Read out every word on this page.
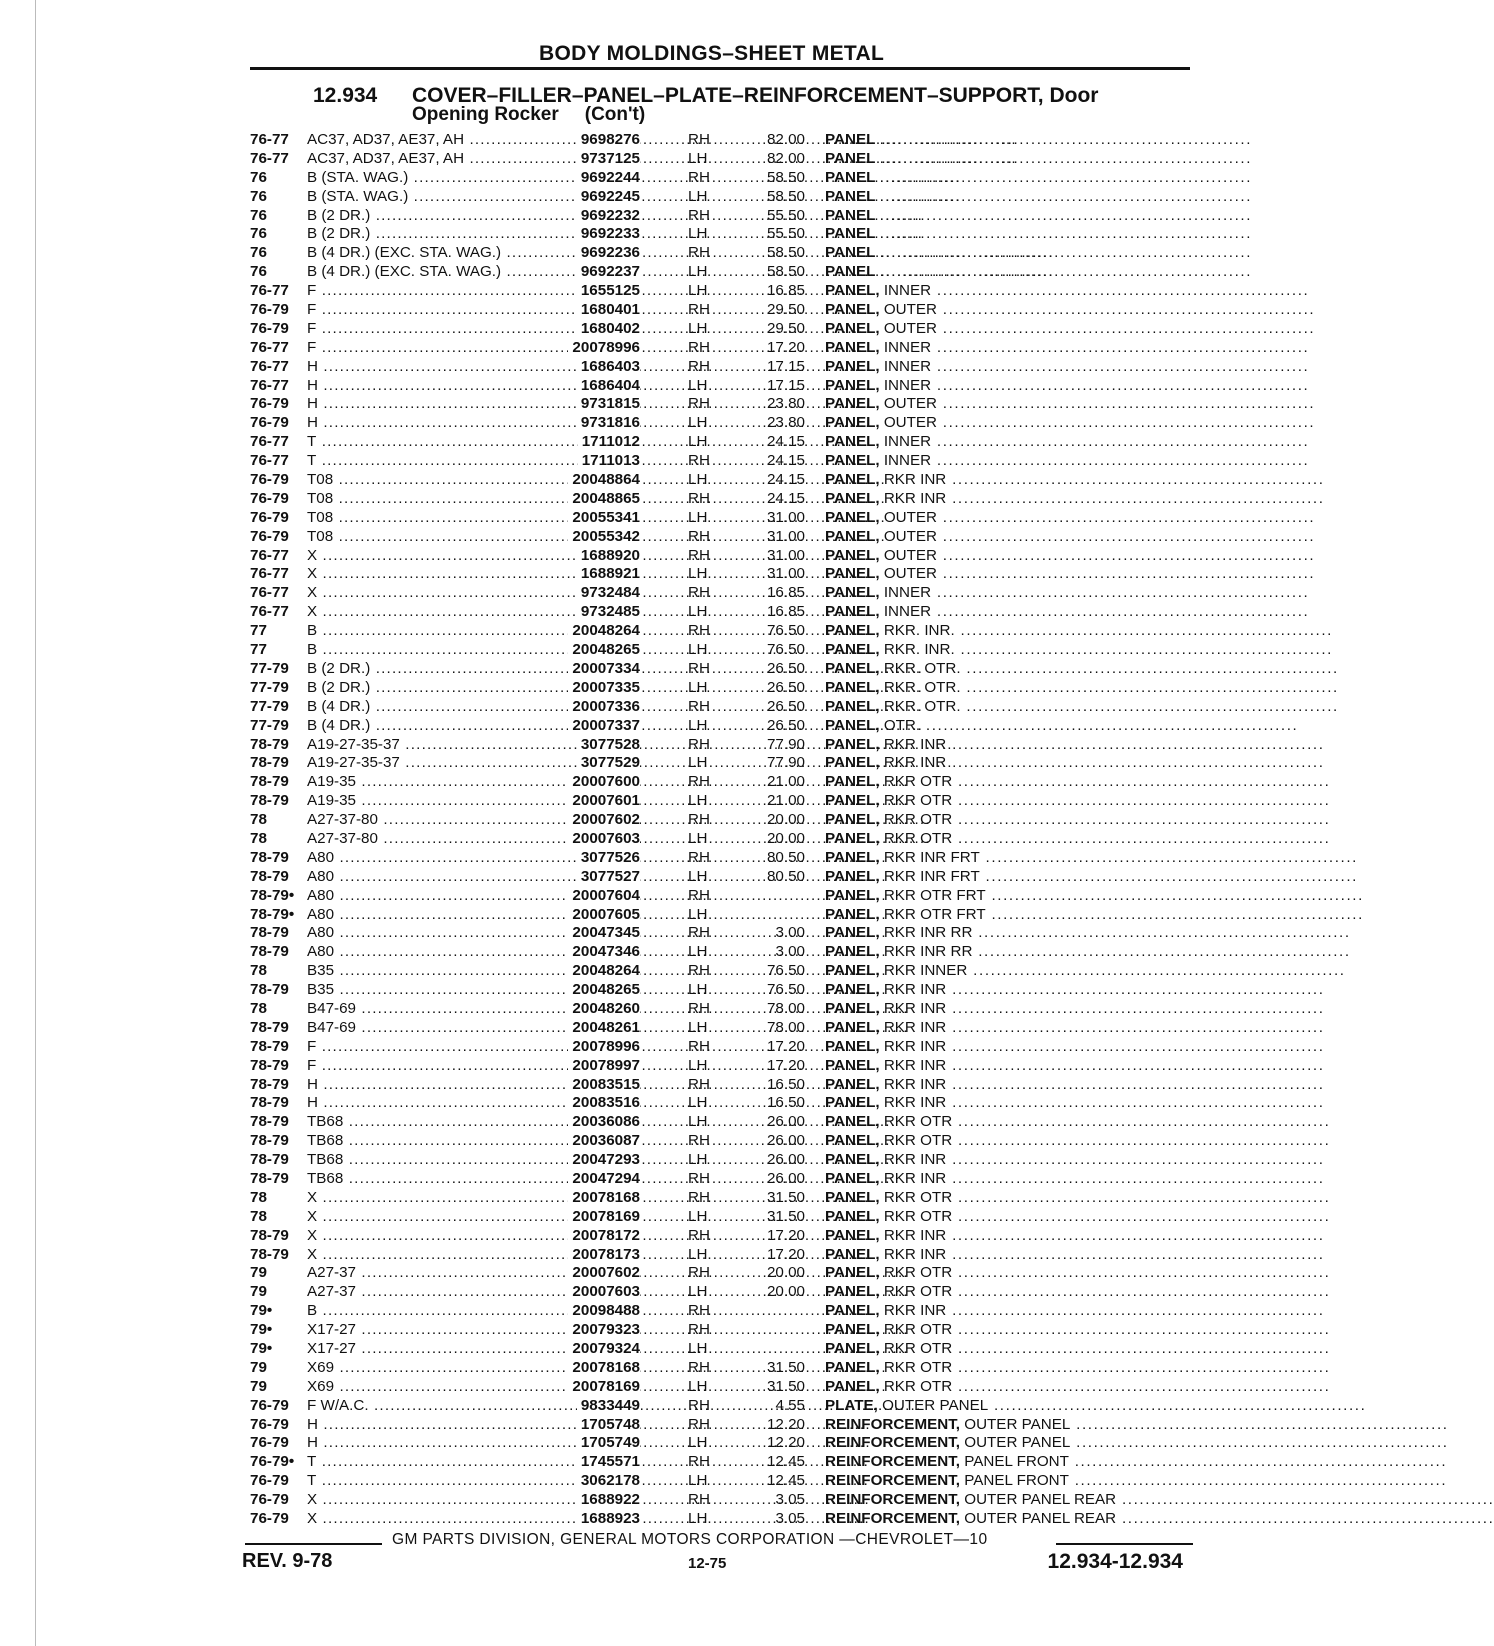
BODY MOLDINGS–SHEET METAL
12.934 COVER–FILLER–PANEL–PLATE–REINFORCEMENT–SUPPORT, Door
Opening Rocker (Con't)
76-77 AC37, AD37, AE37, AH .....	9698276	RH	82.00 PANEL ................................................................
76-77 AC37, AD37, AE37, AH .....	9737125	LH	82.00 PANEL ................................................................
76	B (STA. WAG.) .....	9692244	RH	58.50 PANEL ................................................................
76	B (STA. WAG.) .....	9692245	LH	58.50 PANEL ................................................................
76	B (2 DR.) .....	9692232	RH	55.50 PANEL ................................................................
76	B (2 DR.) .....	9692233	LH	55.50 PANEL ................................................................
76	B (4 DR.) (EXC. STA. WAG.) .....	9692236	RH	58.50 PANEL ................................................................
76	B (4 DR.) (EXC. STA. WAG.) .....	9692237	LH	58.50 PANEL ................................................................
76-77 F .....	1655125	LH	16.85 PANEL, INNER ................................................................
76-79 F .....	1680401	RH	29.50 PANEL, OUTER ................................................................
76-79 F .....	1680402	LH	29.50 PANEL, OUTER ................................................................
76-77 F .....	20078996	RH	17.20 PANEL, INNER ................................................................
76-77 H .....	1686403	RH	17.15 PANEL, INNER ................................................................
76-77 H .....	1686404	LH	17.15 PANEL, INNER ................................................................
76-79 H .....	9731815	RH	23.80 PANEL, OUTER ................................................................
76-79 H .....	9731816	LH	23.80 PANEL, OUTER ................................................................
76-77 T .....	1711012	LH	24.15 PANEL, INNER ................................................................
76-77 T .....	1711013	RH	24.15 PANEL, INNER ................................................................
76-79 T08 .....	20048864	LH	24.15 PANEL, RKR INR ................................................................
76-79 T08 .....	20048865	RH	24.15 PANEL, RKR INR ................................................................
76-79 T08 .....	20055341	LH	31.00 PANEL, OUTER ................................................................
76-79 T08 .....	20055342	RH	31.00 PANEL, OUTER ................................................................
76-77 X .....	1688920	RH	31.00 PANEL, OUTER ................................................................
76-77 X .....	1688921	LH	31.00 PANEL, OUTER ................................................................
76-77 X .....	9732484	RH	16.85 PANEL, INNER ................................................................
76-77 X .....	9732485	LH	16.85 PANEL, INNER ................................................................
77	B .....	20048264	RH	76.50 PANEL, RKR. INR. ................................................................
77	B .....	20048265	LH	76.50 PANEL, RKR. INR. ................................................................
77-79 B (2 DR.) .....	20007334	RH	26.50 PANEL, RKR. OTR. ................................................................
77-79 B (2 DR.) .....	20007335	LH	26.50 PANEL, RKR. OTR. ................................................................
77-79 B (4 DR.) .....	20007336	RH	26.50 PANEL, RKR. OTR. ................................................................
77-79 B (4 DR.) .....	20007337	LH	26.50 PANEL, OTR. ................................................................
78-79 A19-27-35-37 .....	3077528	RH	77.90 PANEL, RKR INR ................................................................
78-79 A19-27-35-37 .....	3077529	LH	77.90 PANEL, RKR INR ................................................................
78-79 A19-35 .....	20007600	RH	21.00 PANEL, RKR OTR ................................................................
78-79 A19-35 .....	20007601	LH	21.00 PANEL, RKR OTR ................................................................
78	A27-37-80 .....	20007602	RH	20.00 PANEL, RKR OTR ................................................................
78	A27-37-80 .....	20007603	LH	20.00 PANEL, RKR OTR ................................................................
78-79 A80 .....	3077526	RH	80.50 PANEL, RKR INR FRT ................................................................
78-79 A80 .....	3077527	LH	80.50 PANEL, RKR INR FRT ................................................................
78-79• A80 .....	20007604	RH	PANEL, RKR OTR FRT ................................................................
78-79• A80 .....	20007605	LH	PANEL, RKR OTR FRT ................................................................
78-79 A80 .....	20047345	RH	3.00 PANEL, RKR INR RR ................................................................
78-79 A80 .....	20047346	LH	3.00 PANEL, RKR INR RR ................................................................
78	B35 .....	20048264	RH	76.50 PANEL, RKR INNER ................................................................
78-79 B35 .....	20048265	LH	76.50 PANEL, RKR INR ................................................................
78	B47-69 .....	20048260	RH	78.00 PANEL, RKR INR ................................................................
78-79 B47-69 .....	20048261	LH	78.00 PANEL, RKR INR ................................................................
78-79 F .....	20078996	RH	17.20 PANEL, RKR INR ................................................................
78-79 F .....	20078997	LH	17.20 PANEL, RKR INR ................................................................
78-79 H .....	20083515	RH	16.50 PANEL, RKR INR ................................................................
78-79 H .....	20083516	LH	16.50 PANEL, RKR INR ................................................................
78-79 TB68 .....	20036086	LH	26.00 PANEL, RKR OTR ................................................................
78-79 TB68 .....	20036087	RH	26.00 PANEL, RKR OTR ................................................................
78-79 TB68 .....	20047293	LH	26.00 PANEL, RKR INR ................................................................
78-79 TB68 .....	20047294	RH	26.00 PANEL, RKR INR ................................................................
78	X .....	20078168	RH	31.50 PANEL, RKR OTR ................................................................
78	X .....	20078169	LH	31.50 PANEL, RKR OTR ................................................................
78-79 X .....	20078172	RH	17.20 PANEL, RKR INR ................................................................
78-79 X .....	20078173	LH	17.20 PANEL, RKR INR ................................................................
79	A27-37 .....	20007602	RH	20.00 PANEL, RKR OTR ................................................................
79	A27-37 .....	20007603	LH	20.00 PANEL, RKR OTR ................................................................
79• B .....	20098488	RH	PANEL, RKR INR ................................................................
79• X17-27 .....	20079323	RH	PANEL, RKR OTR ................................................................
79• X17-27 .....	20079324	LH	PANEL, RKR OTR ................................................................
79	X69 .....	20078168	RH	31.50 PANEL, RKR OTR ................................................................
79	X69 .....	20078169	LH	31.50 PANEL, RKR OTR ................................................................
76-79 F W/A.C. .....	9833449	RH	4.55 PLATE, OUTER PANEL ................................................................
76-79 H .....	1705748	RH	12.20 REINFORCEMENT, OUTER PANEL ................................................................
76-79 H .....	1705749	LH	12.20 REINFORCEMENT, OUTER PANEL ................................................................
76-79• T .....	1745571	RH	12.45 REINFORCEMENT, PANEL FRONT ................................................................
76-79 T .....	3062178	LH	12.45 REINFORCEMENT, PANEL FRONT ................................................................
76-79 X .....	1688922	RH	3.05 REINFORCEMENT, OUTER PANEL REAR ................................................................
76-79 X .....	1688923	LH	3.05 REINFORCEMENT, OUTER PANEL REAR ................................................................
GM PARTS DIVISION, GENERAL MOTORS CORPORATION —CHEVROLET—10
REV. 9-78	12-75	12.934-12.934
